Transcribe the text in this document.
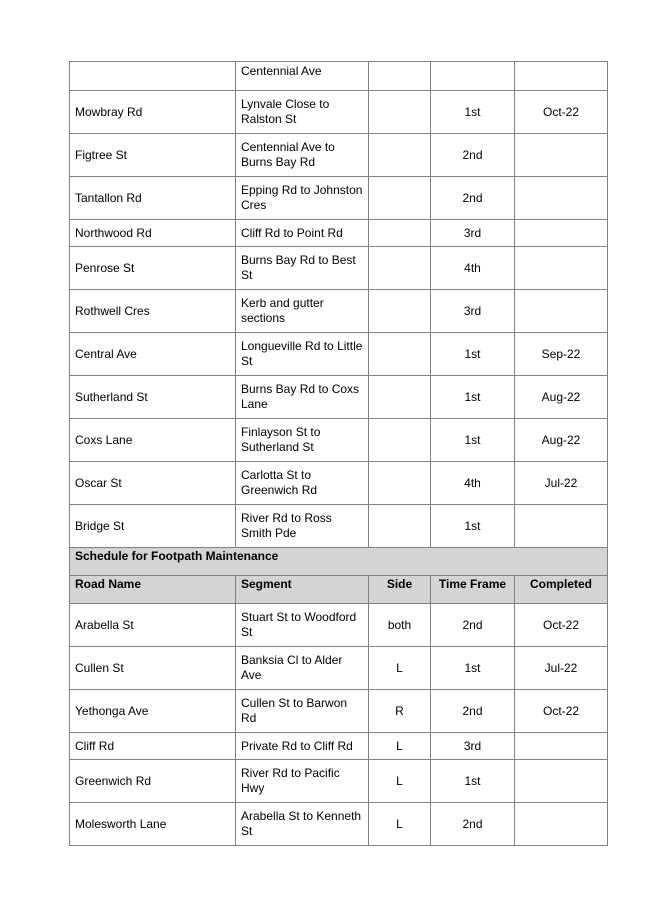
	Centennial Ave			
Mowbray Rd	Lynvale Close to Ralston St		1st	Oct-22
Figtree St	Centennial Ave to Burns Bay Rd		2nd	
Tantallon Rd	Epping Rd to Johnston Cres		2nd	
Northwood Rd	Cliff Rd to Point Rd		3rd	
Penrose St	Burns Bay Rd to Best St		4th	
Rothwell Cres	Kerb and gutter sections		3rd	
Central Ave	Longueville Rd to Little St		1st	Sep-22
Sutherland St	Burns Bay Rd to Coxs Lane		1st	Aug-22
Coxs Lane	Finlayson St to Sutherland St		1st	Aug-22
Oscar St	Carlotta St to Greenwich Rd		4th	Jul-22
Bridge St	River Rd to Ross Smith Pde		1st	
Schedule for Footpath Maintenance				
Road Name	Segment	Side	Time Frame	Completed
Arabella St	Stuart St to Woodford St	both	2nd	Oct-22
Cullen St	Banksia Cl to Alder Ave	L	1st	Jul-22
Yethonga Ave	Cullen St to Barwon Rd	R	2nd	Oct-22
Cliff Rd	Private Rd to Cliff Rd	L	3rd	
Greenwich Rd	River Rd to Pacific Hwy	L	1st	
Molesworth Lane	Arabella St to Kenneth St	L	2nd	
